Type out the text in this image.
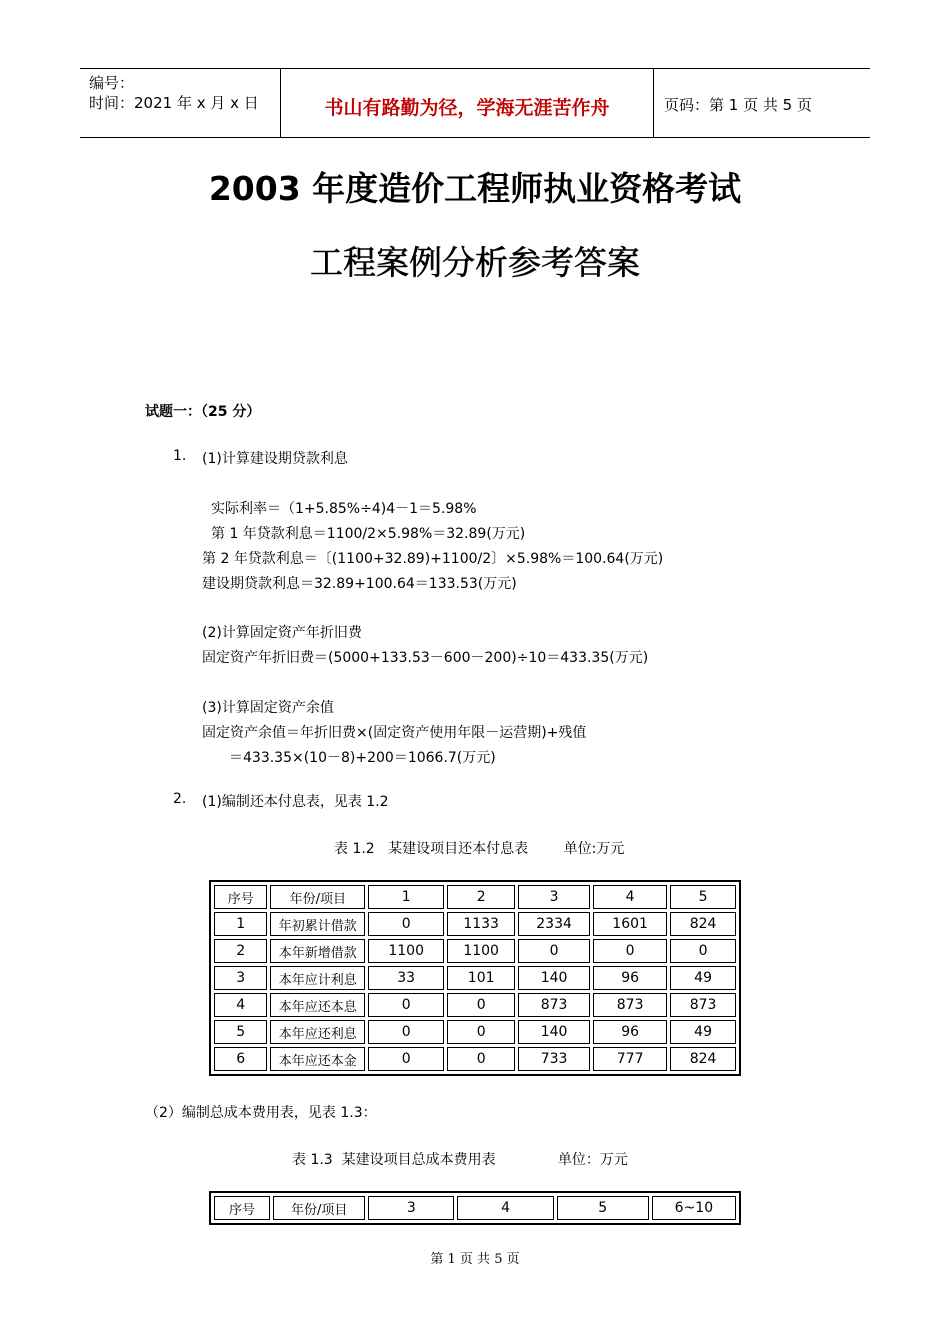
编号：
时间：2021 年 x 月 x 日	书山有路勤为径，学海无涯苦作舟	页码：第 1 页 共 5 页
2003 年度造价工程师执业资格考试
工程案例分析参考答案
试题一：（25 分）
1. (1)计算建设期贷款利息
实际利率＝（1+5.85%÷4)4－1＝5.98%
第 1 年贷款利息＝1100/2×5.98%＝32.89(万元)
第 2 年贷款利息＝〔(1100+32.89)+1100/2〕×5.98%＝100.64(万元)
建设期贷款利息＝32.89+100.64＝133.53(万元)
(2)计算固定资产年折旧费
固定资产年折旧费＝(5000+133.53－600－200)÷10＝433.35(万元)
(3)计算固定资产余值
固定资产余值＝年折旧费×(固定资产使用年限－运营期)+残值
＝433.35×(10－8)+200＝1066.7(万元)
2. (1)编制还本付息表，见表 1.2
表 1.2   某建设项目还本付息表        单位:万元
序号	年份/项目	1	2	3	4	5
1	年初累计借款	0	1133	2334	1601	824
2	本年新增借款	1100	1100	0	0	0
3	本年应计利息	33	101	140	96	49
4	本年应还本息	0	0	873	873	873
5	本年应还利息	0	0	140	96	49
6	本年应还本金	0	0	733	777	824
（2）编制总成本费用表，见表 1.3：
表 1.3  某建设项目总成本费用表              单位：万元
序号	年份/项目	3	4	5	6~10
第 1 页 共 5 页
